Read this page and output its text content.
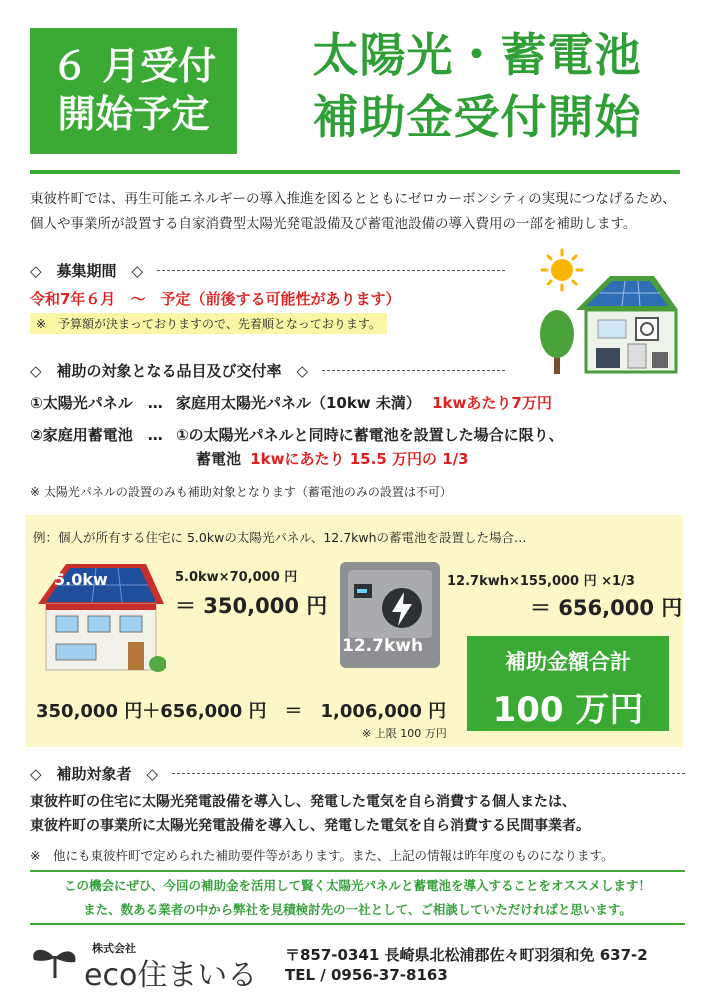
６ 月受付
開始予定
太陽光・蓄電池
補助金受付開始
東彼杵町では、再生可能エネルギーの導入推進を図るとともにゼロカーボンシティの実現につなげるため、
個人や事業所が設置する自家消費型太陽光発電設備及び蓄電池設備の導入費用の一部を補助します。
◇　募集期間　◇
令和7年６月　～　予定（前後する可能性があります）
※　予算額が決まっておりますので、先着順となっております。
◇　補助の対象となる品目及び交付率　◇
①太陽光パネル　… 家庭用太陽光パネル（10kw 未満） 1kwあたり7万円
②家庭用蓄電池　… ①の太陽光パネルと同時に蓄電池を設置した場合に限り、
蓄電池 1kwにあたり 15.5 万円の 1/3
※ 太陽光パネルの設置のみも補助対象となります（蓄電池のみの設置は不可）
例：個人が所有する住宅に 5.0kwの太陽光パネル、12.7kwhの蓄電池を設置した場合…
5.0kw	5.0kw×70,000 円
＝ 350,000 円
12.7kwh
12.7kwh×155,000 円 ×1/3
＝ 656,000 円
補助金額合計
100 万円
350,000 円＋656,000 円　＝　1,006,000 円
※ 上限 100 万円
◇　補助対象者　◇
東彼杵町の住宅に太陽光発電設備を導入し、発電した電気を自ら消費する個人または、
東彼杵町の事業所に太陽光発電設備を導入し、発電した電気を自ら消費する民間事業者。
※　他にも東彼杵町で定められた補助要件等があります。また、上記の情報は昨年度のものになります。
この機会にぜひ、今回の補助金を活用して賢く太陽光パネルと蓄電池を導入することをオススメします！
また、数ある業者の中から弊社を見積検討先の一社として、ご相談していただければと思います。
株式会社
eco住まいる
〒857-0341 長崎県北松浦郡佐々町羽須和免 637-2
TEL / 0956-37-8163
